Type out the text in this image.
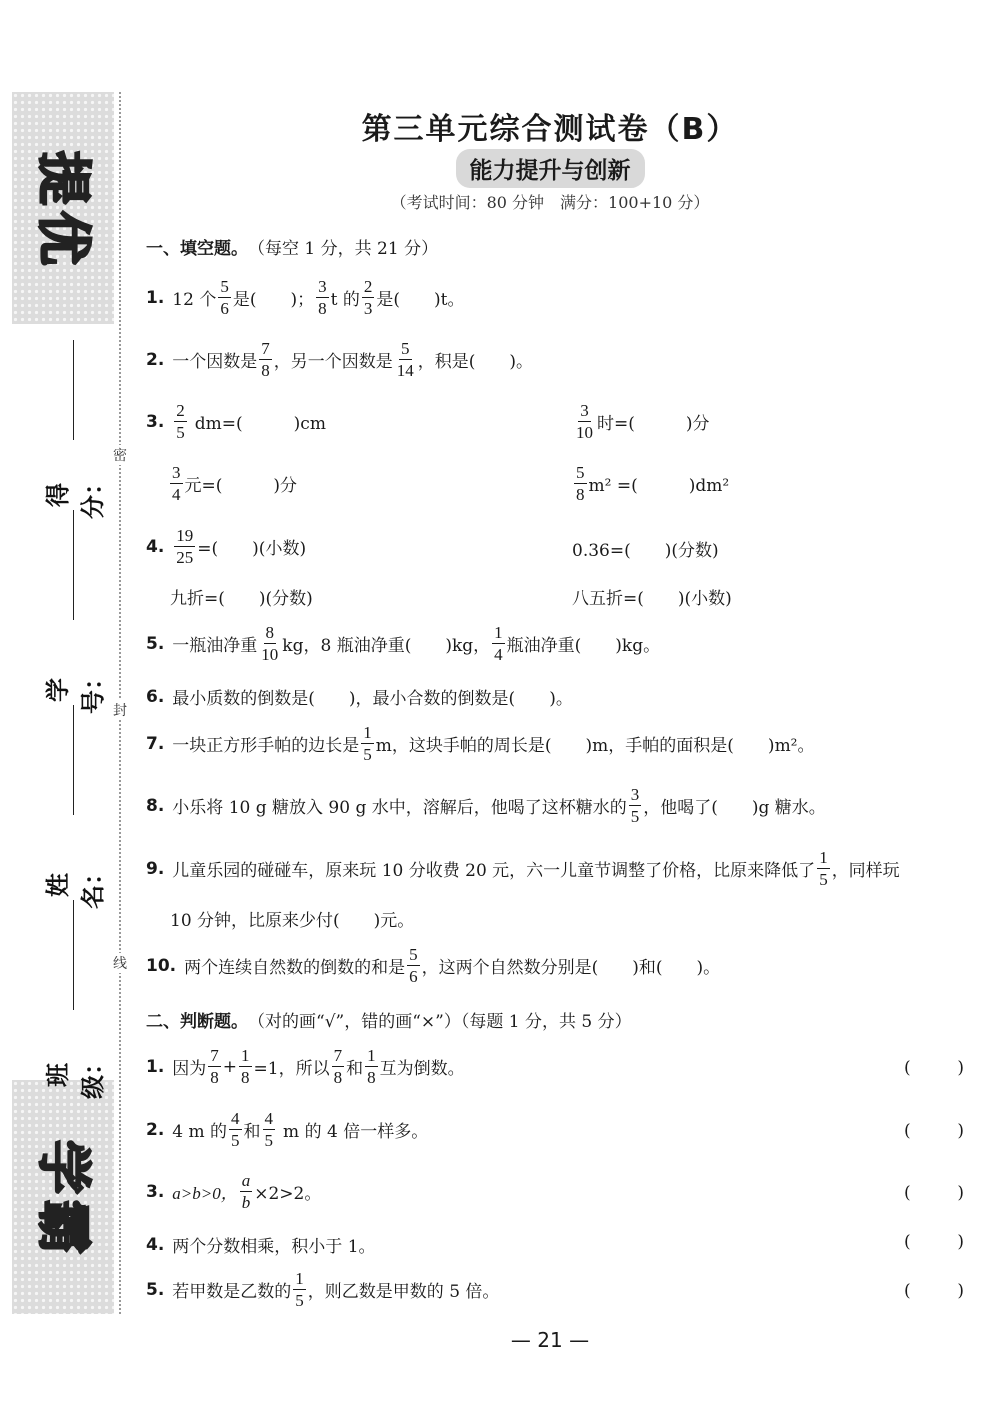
提
优
学
霸
得分：
学号：
姓名：
班级：
密
封
线
第三单元综合测试卷（B）
能力提升与创新
（考试时间：80 分钟　满分：100+10 分）
一、填空题。 （每空 1 分，共 21 分）
1. 12 个 $\frac{5}{6}$ 是(　　)； $\frac{3}{8}$ t 的 $\frac{2}{3}$ 是(　　)t。
2. 一个因数是 $\frac{7}{8}$ ，另一个因数是 $\frac{5}{14}$ ，积是(　　)。
3. $\frac{2}{5} dm=$(　　　)cm	$\frac{3}{10}$ 时=(　　　)分
$\frac{3}{4}$ 元=(　　　)分	$\frac{5}{8} m^2$ =(　　　)dm²
4. $\frac{19}{25}$ =(　　)(小数)	0.36=(　　)(分数)
九折=(　　)(分数)	八五折=(　　)(小数)
5. 一瓶油净重 $\frac{8}{10}$ kg，8 瓶油净重(　　)kg， $\frac{1}{4}$ 瓶油净重(　　)kg。
6. 最小质数的倒数是(　　)，最小合数的倒数是(　　)。
7. 一块正方形手帕的边长是 $\frac{1}{5}$ m，这块手帕的周长是(　　)m，手帕的面积是(　　)m²。
8. 小乐将 10 g 糖放入 90 g 水中，溶解后，他喝了这杯糖水的 $\frac{3}{5}$ ，他喝了(　　)g 糖水。
9. 儿童乐园的碰碰车，原来玩 10 分收费 20 元，六一儿童节调整了价格，比原来降低了 $\frac{1}{5}$ ，同样玩
10 分钟，比原来少付(　　)元。
10. 两个连续自然数的倒数的和是 $\frac{5}{6}$ ，这两个自然数分别是(　　)和(　　)。
二、判断题。 （对的画“√”，错的画“×”）（每题 1 分，共 5 分）
1. 因为 $\frac{7}{8} + \frac{1}{8} =1$，所以 $\frac{7}{8}$ 和 $\frac{1}{8}$ 互为倒数。	(	)
2. 4 m 的 $\frac{4}{5}$ 和 $\frac{4}{5}$ m 的 4 倍一样多。	(	)
3. a>b>0， $\frac{a}{b} \times 2>2$。	(	)
4. 两个分数相乘，积小于 1。	(	)
5. 若甲数是乙数的 $\frac{1}{5}$ ，则乙数是甲数的 5 倍。	(	)
— 21 —
